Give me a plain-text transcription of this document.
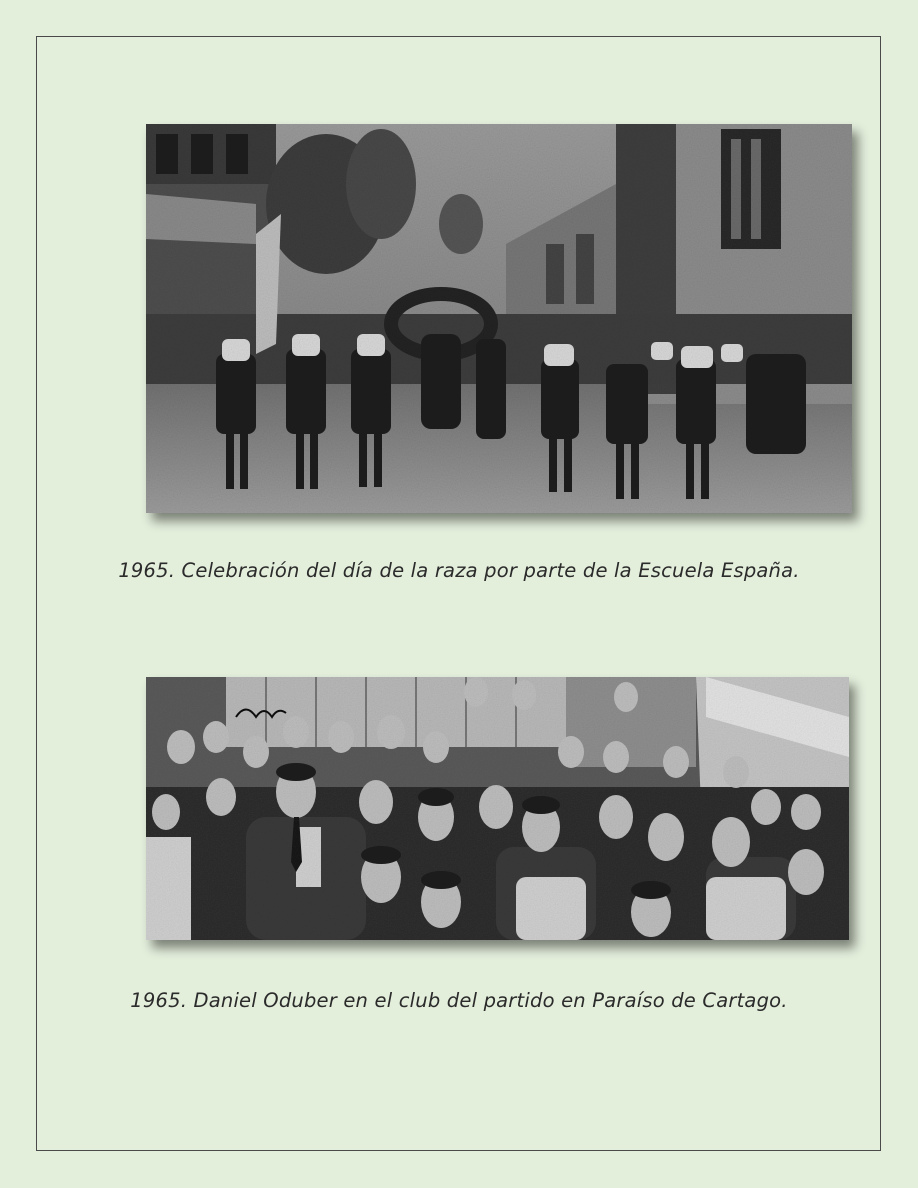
1965. Celebración del día de la raza por parte de la Escuela España.
1965. Daniel Oduber en el club del partido en Paraíso de Cartago.
